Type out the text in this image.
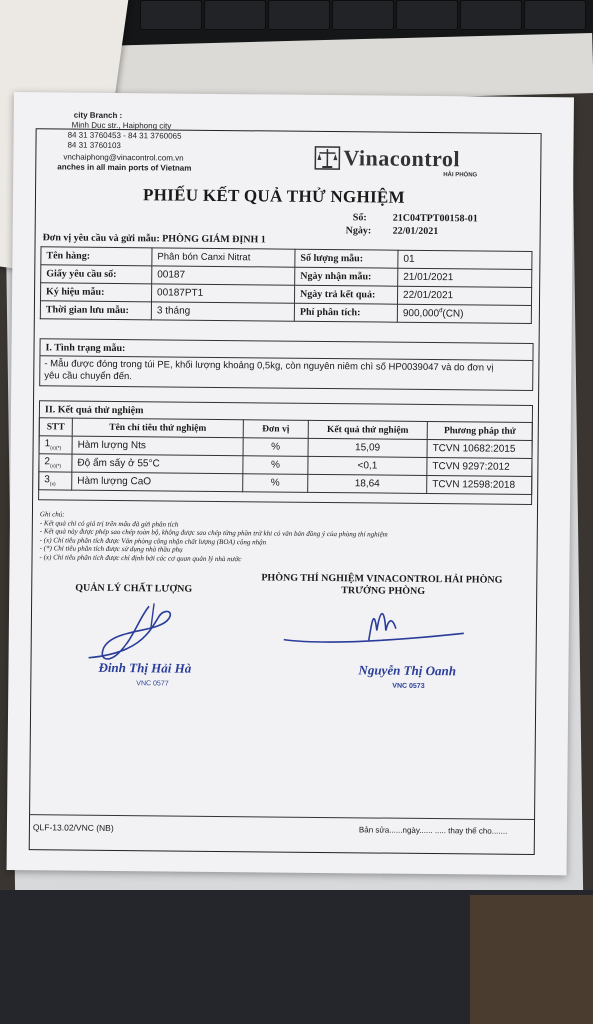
city Branch :
Minh Duc str., Haiphong city
84 31 3760453 - 84 31 3760065
84 31 3760103
vnchaiphong@vinacontrol.com.vn
anches in all main ports of Vietnam	Vinacontrol
HẢI PHÒNG
PHIẾU KẾT QUẢ THỬ NGHIỆM
Số:	21C04TPT00158-01
Ngày: 22/01/2021
Đơn vị yêu cầu và gửi mẫu: PHÒNG GIÁM ĐỊNH 1
Tên hàng:	Phân bón Canxi Nitrat	Số lượng mẫu:	01
Giấy yêu cầu số:	00187	Ngày nhận mẫu:	21/01/2021
Ký hiệu mẫu:	00187PT1	Ngày trả kết quả:	22/01/2021
Thời gian lưu mẫu:	3 tháng	Phí phân tích:	$900,000^đ(CN)$
I. Tình trạng mẫu:
- Mẫu được đóng trong túi PE, khối lượng khoảng 0,5kg, còn nguyên niêm chì số HP0039047 và do đơn vị
yêu cầu chuyển đến.
II. Kết quả thử nghiệm
STT	Tên chỉ tiêu thử nghiệm	Đơn vị	Kết quả thử nghiệm	Phương pháp thử
$1_{(x)(*)}$	Hàm lượng Nts	%	15,09	TCVN 10682:2015
$2_{(x)(*)}$	Độ ẩm sấy ở 55°C	%	<0,1	TCVN 9297:2012
$3_{(x)}$	Hàm lượng CaO	%	18,64	TCVN 12598:2018
Ghi chú:
- Kết quả chỉ có giá trị trên mẫu đã gửi phân tích
- Kết quả này được phép sao chép toàn bộ, không được sao chép từng phần trừ khi có văn bản đồng ý của phòng thí nghiệm
- (x) Chỉ tiêu phân tích được Văn phòng công nhận chất lượng (BOA) công nhận
- (*) Chỉ tiêu phân tích được sử dụng nhà thầu phụ
- (x) Chỉ tiêu phân tích được chỉ định bởi các cơ quan quản lý nhà nước
QUẢN LÝ CHẤT LƯỢNG
PHÒNG THÍ NGHIỆM VINACONTROL HẢI PHÒNG
TRƯỞNG PHÒNG
Đinh Thị Hải Hà
VNC 0577
Nguyễn Thị Oanh
VNC 0573
QLF-13.02/VNC (NB)	Bản sửa......ngày...... ..... thay thế cho.......
